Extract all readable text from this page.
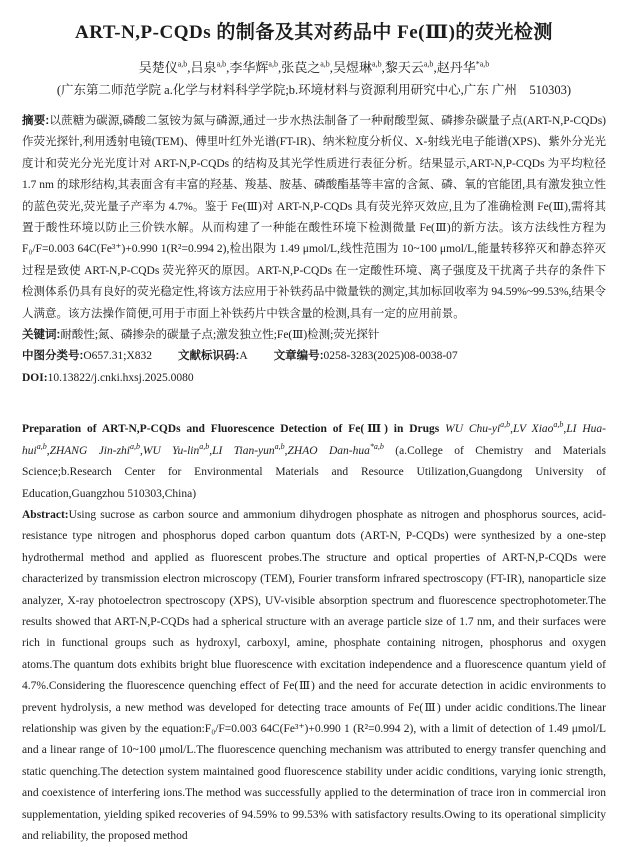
ART-N,P-CQDs 的制备及其对药品中 Fe(Ⅲ)的荧光检测
吴楚仪$^{a,b}$,吕泉$^{a,b}$,李华辉$^{a,b}$,张苠之$^{a,b}$,吴煜琳$^{a,b}$,黎天云$^{a,b}$,赵丹华$^{*a,b}$
(广东第二师范学院 a.化学与材料科学学院;b.环境材料与资源利用研究中心,广东 广州　510303)

摘要:以蔗糖为碳源,磷酸二氢铵为氮与磷源,通过一步水热法制备了一种耐酸型氮、磷掺杂碳量子点(ART-N,P-CQDs)作荧光探针,利用透射电镜(TEM)、傅里叶红外光谱(FT-IR)、纳米粒度分析仪、X-射线光电子能谱(XPS)、紫外分光光度计和荧光分光光度计对 ART-N,P-CQDs 的结构及其光学性质进行表征分析。结果显示,ART-N,P-CQDs 为平均粒径 1.7 nm 的球形结构,其表面含有丰富的羟基、羧基、胺基、磷酸酯基等丰富的含氮、磷、氧的官能团,具有激发独立性的蓝色荧光,荧光量子产率为 4.7%。鉴于 Fe(Ⅲ)对 ART-N,P-CQDs 具有荧光猝灭效应,且为了准确检测 Fe(Ⅲ),需将其置于酸性环境以防止三价铁水解。从而构建了一种能在酸性环境下检测微量 Fe(Ⅲ)的新方法。该方法线性方程为F₀/F=0.003 64C(Fe³⁺)+0.990 1(R²=0.994 2),检出限为 1.49 μmol/L,线性范围为 10~100 μmol/L,能量转移猝灭和静态猝灭过程是致使 ART-N,P-CQDs 荧光猝灭的原因。ART-N,P-CQDs 在一定酸性环境、离子强度及干扰离子共存的条件下检测体系仍具有良好的荧光稳定性,将该方法应用于补铁药品中微量铁的测定,其加标回收率为 94.59%~99.53%,结果令人满意。该方法操作简便,可用于市面上补铁药片中铁含量的检测,具有一定的应用前景。

关键词:耐酸性;氮、磷掺杂的碳量子点;激发独立性;Fe(Ⅲ)检测;荧光探针

中图分类号:O657.31;X832 文献标识码:A 文章编号:0258-3283(2025)08-0038-07

DOI:10.13822/j.cnki.hxsj.2025.0080

Preparation of ART-N,P-CQDs and Fluorescence Detection of Fe(Ⅲ) in Drugs WU Chu-yi$^{a,b}$,LV Xiao$^{a,b}$,LI Hua-hui$^{a,b}$,ZHANG Jin-zhi$^{a,b}$,WU Yu-lin$^{a,b}$,LI Tian-yun$^{a,b}$,ZHAO Dan-hua$^{*a,b}$ (a.College of Chemistry and Materials Science;b.Research Center for Environmental Materials and Resource Utilization,Guangdong University of Education,Guangzhou 510303,China)

Abstract:Using sucrose as carbon source and ammonium dihydrogen phosphate as nitrogen and phosphorus sources, acid-resistance type nitrogen and phosphorus doped carbon quantum dots (ART-N, P-CQDs) were synthesized by a one-step hydrothermal method and applied as fluorescent probes.The structure and optical properties of ART-N,P-CQDs were characterized by transmission electron microscopy (TEM), Fourier transform infrared spectroscopy (FT-IR), nanoparticle size analyzer, X-ray photoelectron spectroscopy (XPS), UV-visible absorption spectrum and fluorescence spectrophotometer.The results showed that ART-N,P-CQDs had a spherical structure with an average particle size of 1.7 nm, and their surfaces were rich in functional groups such as hydroxyl, carboxyl, amine, phosphate containing nitrogen, phosphorus and oxygen atoms.The quantum dots exhibits bright blue fluorescence with excitation independence and a fluorescence quantum yield of 4.7%.Considering the fluorescence quenching effect of Fe(Ⅲ) and the need for accurate detection in acidic environments to prevent hydrolysis, a new method was developed for detecting trace amounts of Fe(Ⅲ) under acidic conditions.The linear relationship was given by the equation:F₀/F=0.003 64C(Fe³⁺)+0.990 1 (R²=0.994 2), with a limit of detection of 1.49 μmol/L and a linear range of 10~100 μmol/L.The fluorescence quenching mechanism was attributed to energy transfer quenching and static quenching.The detection system maintained good fluorescence stability under acidic conditions, varying ionic strength, and coexistence of interfering ions.The method was successfully applied to the determination of trace iron in commercial iron supplementation, yielding spiked recoveries of 94.59% to 99.53% with satisfactory results.Owing to its operational simplicity and reliability, the proposed method
